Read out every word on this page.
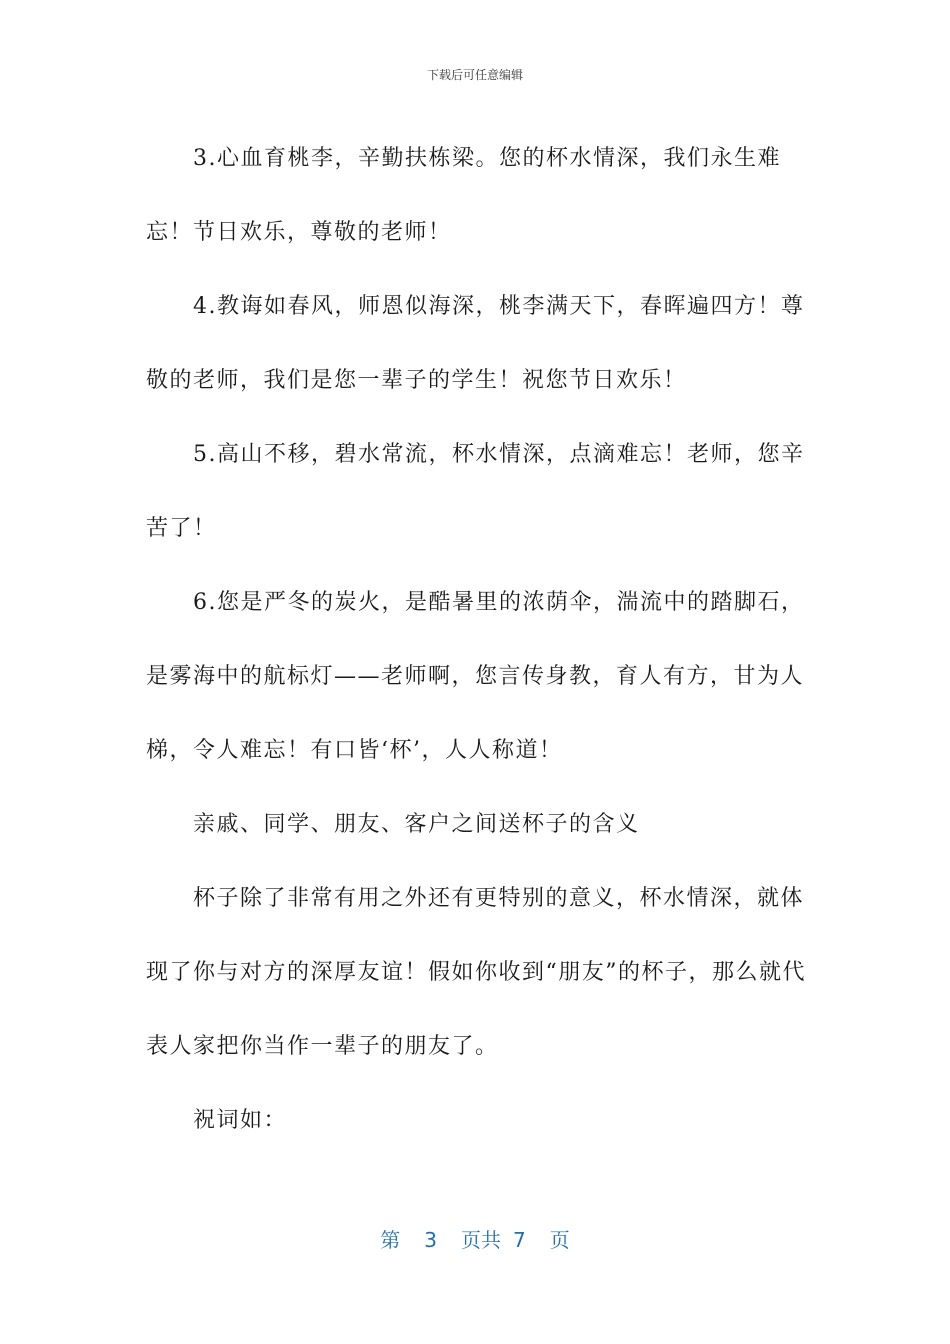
下载后可任意编辑

3.心血育桃李，辛勤扶栋梁。您的杯水情深，我们永生难忘！节日欢乐，尊敬的老师！

4.教诲如春风，师恩似海深，桃李满天下，春晖遍四方！尊敬的老师，我们是您一辈子的学生！祝您节日欢乐！

5.高山不移，碧水常流，杯水情深，点滴难忘！老师，您辛苦了！

6.您是严冬的炭火，是酷暑里的浓荫伞，湍流中的踏脚石，是雾海中的航标灯——老师啊，您言传身教，育人有方，甘为人梯，令人难忘！有口皆‘杯’，人人称道！

亲戚、同学、朋友、客户之间送杯子的含义

杯子除了非常有用之外还有更特别的意义，杯水情深，就体现了你与对方的深厚友谊！假如你收到“朋友”的杯子，那么就代表人家把你当作一辈子的朋友了。

祝词如：

第 3 页共 7 页
